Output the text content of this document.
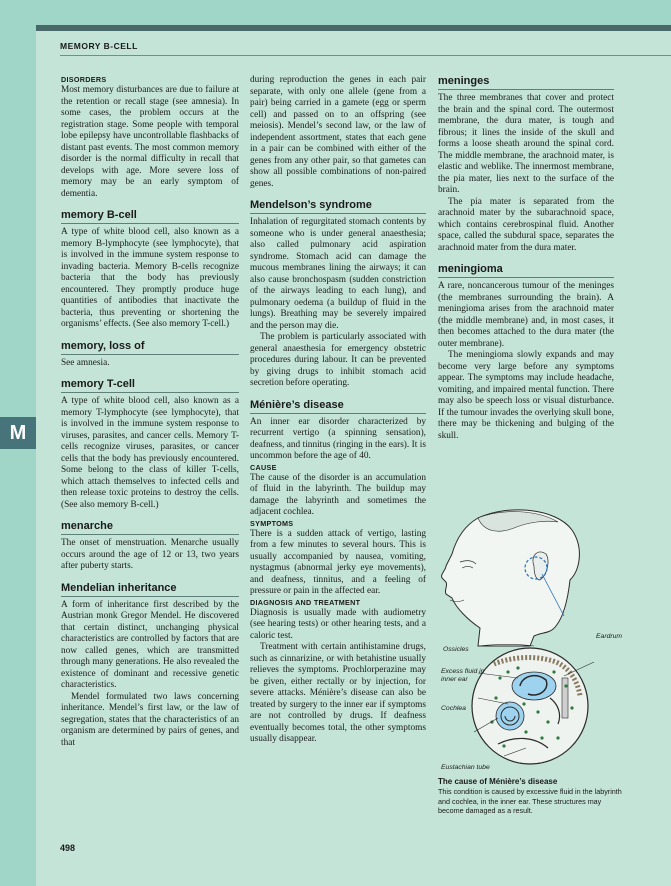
MEMORY B-CELL

DISORDERS

Most memory disturbances are due to failure at the retention or recall stage (see amnesia). In some cases, the problem occurs at the registration stage. Some people with temporal lobe epilepsy have uncontrollable flashbacks of distant past events. The most common memory disorder is the normal difficulty in recall that develops with age. More severe loss of memory may be an early symptom of dementia.

memory B-cell

A type of white blood cell, also known as a memory B-lymphocyte (see lymphocyte), that is involved in the immune system response to invading bacteria. Memory B-cells recognize bacteria that the body has previously encountered. They promptly produce huge quantities of antibodies that inactivate the bacteria, thus preventing or shortening the organisms’ effects. (See also memory T-cell.)

memory, loss of

See amnesia.

memory T-cell

A type of white blood cell, also known as a memory T-lymphocyte (see lymphocyte), that is involved in the immune system response to viruses, parasites, and cancer cells. Memory T-cells recognize viruses, parasites, or cancer cells that the body has previously encountered. Some belong to the class of killer T-cells, which attach themselves to infected cells and then release toxic proteins to destroy the cells. (See also memory B-cell.)

menarche

The onset of menstruation. Menarche usually occurs around the age of 12 or 13, two years after puberty starts.

Mendelian inheritance

A form of inheritance first described by the Austrian monk Gregor Mendel. He discovered that certain distinct, unchanging physical characteristics are controlled by factors that are now called genes, which are transmitted through many generations. He also revealed the existence of dominant and recessive genetic characteristics.

Mendel formulated two laws concerning inheritance. Mendel’s first law, or the law of segregation, states that the characteristics of an organism are determined by pairs of genes, and that

during reproduction the genes in each pair separate, with only one allele (gene from a pair) being carried in a gamete (egg or sperm cell) and passed on to an offspring (see meiosis). Mendel’s second law, or the law of independent assortment, states that each gene in a pair can be combined with either of the genes from any other pair, so that gametes can show all possible combinations of non-paired genes.

Mendelson’s syndrome

Inhalation of regurgitated stomach contents by someone who is under general anaesthesia; also called pulmonary acid aspiration syndrome. Stomach acid can damage the mucous membranes lining the airways; it can also cause bronchospasm (sudden constriction of the airways leading to each lung), and pulmonary oedema (a buildup of fluid in the lungs). Breathing may be severely impaired and the person may die.

The problem is particularly associated with general anaesthesia for emergency obstetric procedures during labour. It can be prevented by giving drugs to inhibit stomach acid secretion before operating.

Ménière’s disease

An inner ear disorder characterized by recurrent vertigo (a spinning sensation), deafness, and tinnitus (ringing in the ears). It is uncommon before the age of 40.

CAUSE

The cause of the disorder is an accumulation of fluid in the labyrinth. The buildup may damage the labyrinth and sometimes the adjacent cochlea.

SYMPTOMS

There is a sudden attack of vertigo, lasting from a few minutes to several hours. This is usually accompanied by nausea, vomiting, nystagmus (abnormal jerky eye movements), and deafness, tinnitus, and a feeling of pressure or pain in the affected ear.

DIAGNOSIS AND TREATMENT

Diagnosis is usually made with audiometry (see hearing tests) or other hearing tests, and a caloric test.

Treatment with certain antihistamine drugs, such as cinnarizine, or with betahistine usually relieves the symptoms. Prochlorperazine may be given, either rectally or by injection, for severe attacks. Ménière’s disease can also be treated by surgery to the inner ear if symptoms are not controlled by drugs. If deafness eventually becomes total, the other symptoms usually disappear.

meninges

The three membranes that cover and protect the brain and the spinal cord. The outermost membrane, the dura mater, is tough and fibrous; it lines the inside of the skull and forms a loose sheath around the spinal cord. The middle membrane, the arachnoid mater, is elastic and weblike. The innermost membrane, the pia mater, lies next to the surface of the brain.

The pia mater is separated from the arachnoid mater by the subarachnoid space, which contains cerebrospinal fluid. Another space, called the subdural space, separates the arachnoid mater from the dura mater.

meningioma

A rare, noncancerous tumour of the meninges (the membranes surrounding the brain). A meningioma arises from the arachnoid mater (the middle membrane) and, in most cases, it then becomes attached to the dura mater (the outer membrane).

The meningioma slowly expands and may become very large before any symptoms appear. The symptoms may include headache, vomiting, and impaired mental function. There may also be speech loss or visual disturbance. If the tumour invades the overlying skull bone, there may be thickening and bulging of the skull.

Ossicles
Eardrum
Excess fluid in inner ear
Cochlea
Eustachian tube
The cause of Ménière’s disease
This condition is caused by excessive fluid in the labyrinth and cochlea, in the inner ear. These structures may become damaged as a result.
498
M
